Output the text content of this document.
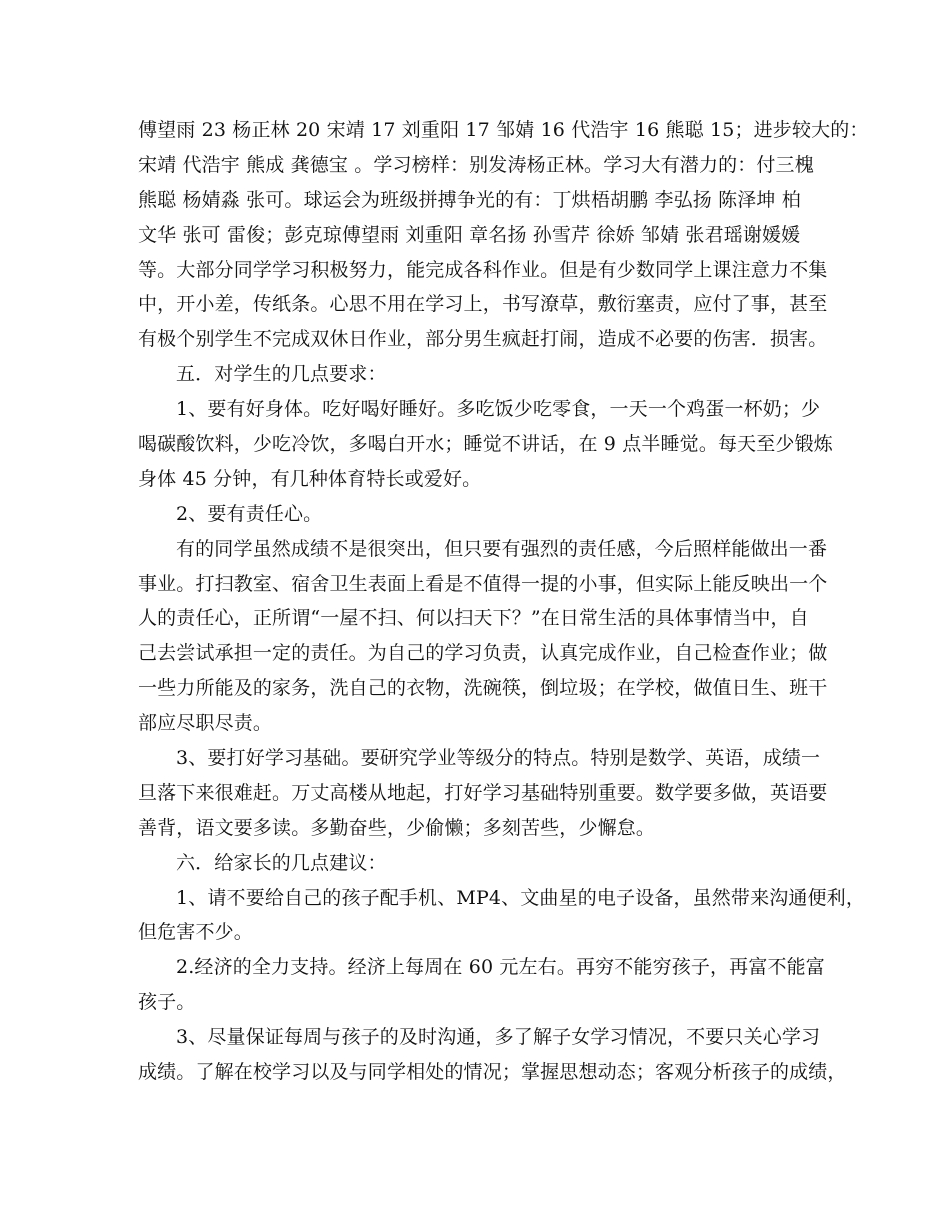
傅望雨 23 杨正林 20 宋靖 17 刘重阳 17 邹婧 16 代浩宇 16 熊聪 15；进步较大的：
宋靖 代浩宇 熊成 龚德宝 。学习榜样：别发涛杨正林。学习大有潜力的：付三槐
熊聪 杨婧淼 张可。球运会为班级拼搏争光的有：丁烘梧胡鹏 李弘扬 陈泽坤 柏
文华 张可 雷俊；彭克琼傅望雨 刘重阳 章名扬 孙雪芹 徐娇 邹婧 张君瑶谢媛媛
等。大部分同学学习积极努力，能完成各科作业。但是有少数同学上课注意力不集
中，开小差，传纸条。心思不用在学习上，书写潦草，敷衍塞责，应付了事，甚至
有极个别学生不完成双休日作业，部分男生疯赶打闹，造成不必要的伤害．损害。
五．对学生的几点要求：
1、要有好身体。吃好喝好睡好。多吃饭少吃零食，一天一个鸡蛋一杯奶；少
喝碳酸饮料，少吃冷饮，多喝白开水；睡觉不讲话，在 9 点半睡觉。每天至少锻炼
身体 45 分钟，有几种体育特长或爱好。
2、要有责任心。
有的同学虽然成绩不是很突出，但只要有强烈的责任感，今后照样能做出一番
事业。打扫教室、宿舍卫生表面上看是不值得一提的小事，但实际上能反映出一个
人的责任心，正所谓“一屋不扫、何以扫天下？”在日常生活的具体事情当中，自
己去尝试承担一定的责任。为自己的学习负责，认真完成作业，自己检查作业；做
一些力所能及的家务，洗自己的衣物，洗碗筷，倒垃圾；在学校，做值日生、班干
部应尽职尽责。
3、要打好学习基础。要研究学业等级分的特点。特别是数学、英语，成绩一
旦落下来很难赶。万丈高楼从地起，打好学习基础特别重要。数学要多做，英语要
善背，语文要多读。多勤奋些，少偷懒；多刻苦些，少懈怠。
六．给家长的几点建议：
1、请不要给自己的孩子配手机、MP4、文曲星的电子设备，虽然带来沟通便利，
但危害不少。
2.经济的全力支持。经济上每周在 60 元左右。再穷不能穷孩子，再富不能富
孩子。
3、尽量保证每周与孩子的及时沟通，多了解子女学习情况，不要只关心学习
成绩。了解在校学习以及与同学相处的情况；掌握思想动态；客观分析孩子的成绩，
